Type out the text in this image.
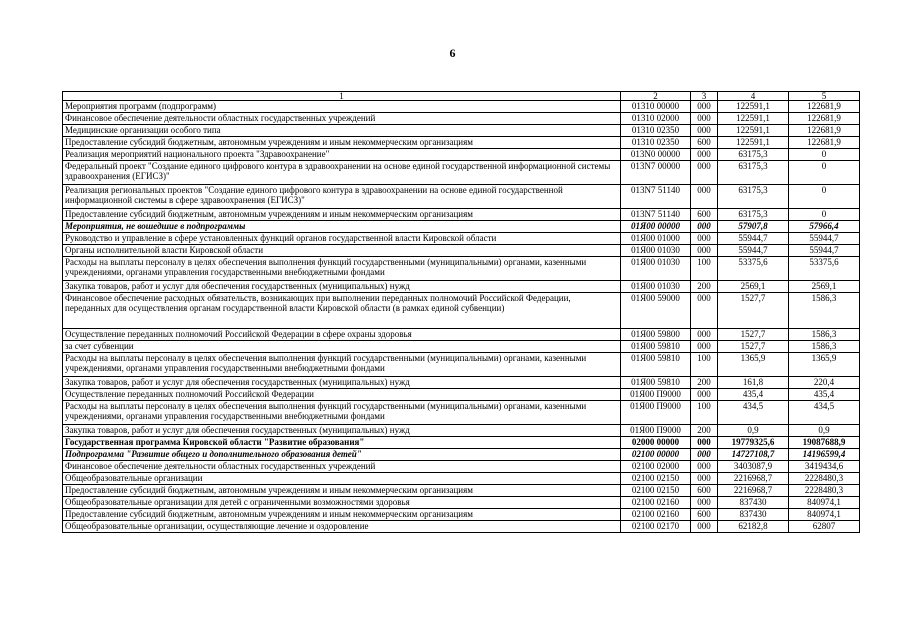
6
1	2	3	4	5
Мероприятия программ (подпрограмм)	01310 00000	000	122591,1	122681,9
Финансовое обеспечение деятельности областных государственных учреждений	01310 02000	000	122591,1	122681,9
Медицинские организации особого типа	01310 02350	000	122591,1	122681,9
Предоставление субсидий бюджетным, автономным учреждениям и иным некоммерческим организациям	01310 02350	600	122591,1	122681,9
Реализация мероприятий национального проекта "Здравоохранение"	013N0 00000	000	63175,3	0
Федеральный проект "Создание единого цифрового контура в здравоохранении на основе единой государственной информационной системы здравоохранения (ЕГИСЗ)"	013N7 00000	000	63175,3	0
Реализация региональных проектов "Создание единого цифрового контура в здравоохранении на основе единой государственной информационной системы в сфере здравоохранения (ЕГИСЗ)"	013N7 51140	000	63175,3	0
Предоставление субсидий бюджетным, автономным учреждениям и иным некоммерческим организациям	013N7 51140	600	63175,3	0
Мероприятия, не вошедшие в подпрограммы	01Я00 00000	000	57907,8	57966,4
Руководство и управление в сфере установленных функций органов государственной власти Кировской области	01Я00 01000	000	55944,7	55944,7
Органы исполнительной власти Кировской области	01Я00 01030	000	55944,7	55944,7
Расходы на выплаты персоналу в целях обеспечения выполнения функций государственными (муниципальными) органами, казенными учреждениями, органами управления государственными внебюджетными фондами	01Я00 01030	100	53375,6	53375,6
Закупка товаров, работ и услуг для обеспечения государственных (муниципальных) нужд	01Я00 01030	200	2569,1	2569,1
Финансовое обеспечение расходных обязательств, возникающих при выполнении переданных полномочий Российской Федерации, переданных для осуществления органам государственной власти Кировской области (в рамках единой субвенции)	01Я00 59000	000	1527,7	1586,3
Осуществление переданных полномочий Российской Федерации в сфере охраны здоровья	01Я00 59800	000	1527,7	1586,3
за счет субвенции	01Я00 59810	000	1527,7	1586,3
Расходы на выплаты персоналу в целях обеспечения выполнения функций государственными (муниципальными) органами, казенными учреждениями, органами управления государственными внебюджетными фондами	01Я00 59810	100	1365,9	1365,9
Закупка товаров, работ и услуг для обеспечения государственных (муниципальных) нужд	01Я00 59810	200	161,8	220,4
Осуществление переданных полномочий Российской Федерации	01Я00 П9000	000	435,4	435,4
Расходы на выплаты персоналу в целях обеспечения выполнения функций государственными (муниципальными) органами, казенными учреждениями, органами управления государственными внебюджетными фондами	01Я00 П9000	100	434,5	434,5
Закупка товаров, работ и услуг для обеспечения государственных (муниципальных) нужд	01Я00 П9000	200	0,9	0,9
Государственная программа Кировской области "Развитие образования"	02000 00000	000	19779325,6	19087688,9
Подпрограмма "Развитие общего и дополнительного образования детей"	02100 00000	000	14727108,7	14196599,4
Финансовое обеспечение деятельности областных государственных учреждений	02100 02000	000	3403087,9	3419434,6
Общеобразовательные организации	02100 02150	000	2216968,7	2228480,3
Предоставление субсидий бюджетным, автономным учреждениям и иным некоммерческим организациям	02100 02150	600	2216968,7	2228480,3
Общеобразовательные организации для детей с ограниченными возможностями здоровья	02100 02160	000	837430	840974,1
Предоставление субсидий бюджетным, автономным учреждениям и иным некоммерческим организациям	02100 02160	600	837430	840974,1
Общеобразовательные организации, осуществляющие лечение и оздоровление	02100 02170	000	62182,8	62807
